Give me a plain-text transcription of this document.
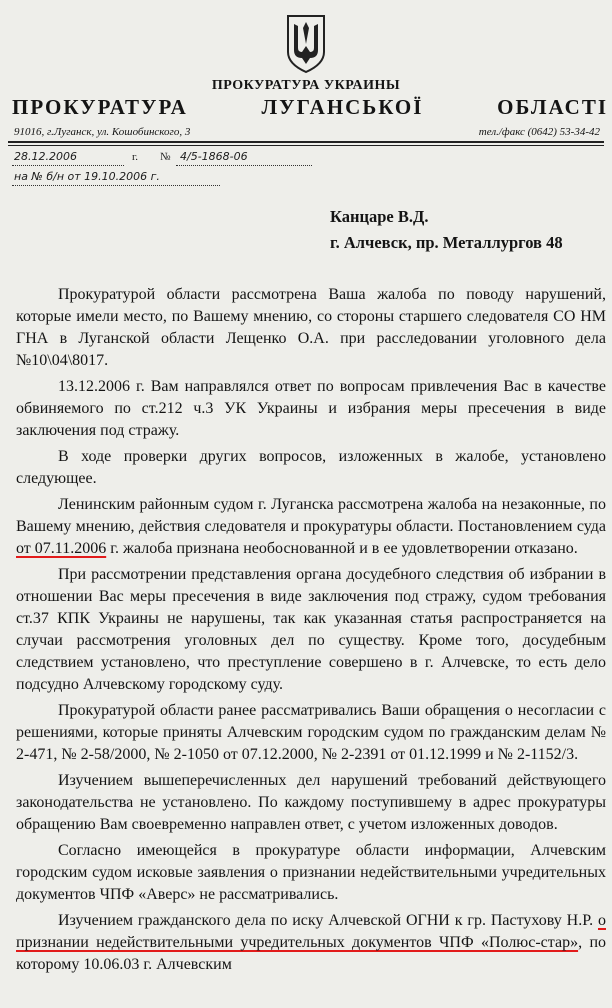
ПРОКУРАТУРА УКРАИНЫ
ПРОКУРАТУРА ЛУГАНСЬКОЇ ОБЛАСТІ
91016, г.Луганск, ул. Кошобинского, 3	тел./факс (0642) 53-34-42
28.12.2006	г. № 4/5-1868-06
на № б/н от 19.10.2006 г.
Канцаре В.Д.
г. Алчевск, пр. Металлургов 48

Прокуратурой области рассмотрена Ваша жалоба по поводу нарушений, которые имели место, по Вашему мнению, со стороны старшего следователя СО НМ ГНА в Луганской области Лещенко О.А. при расследовании уголовного дела №10\04\8017.

13.12.2006 г. Вам направлялся ответ по вопросам привлечения Вас в качестве обвиняемого по ст.212 ч.3 УК Украины и избрания меры пресечения в виде заключения под стражу.

В ходе проверки других вопросов, изложенных в жалобе, установлено следующее.

Ленинским районным судом г. Луганска рассмотрена жалоба на незаконные, по Вашему мнению, действия следователя и прокуратуры области. Постановлением суда от 07.11.2006 г. жалоба признана необоснованной и в ее удовлетворении отказано.

При рассмотрении представления органа досудебного следствия об избрании в отношении Вас меры пресечения в виде заключения под стражу, судом требования ст.37 КПК Украины не нарушены, так как указанная статья распространяется на случаи рассмотрения уголовных дел по существу. Кроме того, досудебным следствием установлено, что преступление совершено в г. Алчевске, то есть дело подсудно Алчевскому городскому суду.

Прокуратурой области ранее рассматривались Ваши обращения о несогласии с решениями, которые приняты Алчевским городским судом по гражданским делам № 2-471, № 2-58/2000, № 2-1050 от 07.12.2000, № 2-2391 от 01.12.1999 и № 2-1152/3.

Изучением вышеперечисленных дел нарушений требований действующего законодательства не установлено. По каждому поступившему в адрес прокуратуры обращению Вам своевременно направлен ответ, с учетом изложенных доводов.

Согласно имеющейся в прокуратуре области информации, Алчевским городским судом исковые заявления о признании недействительными учредительных документов ЧПФ «Аверс» не рассматривались.

Изучением гражданского дела по иску Алчевской ОГНИ к гр. Пастухову Н.Р. о признании недействительными учредительных документов ЧПФ «Полюс-стар», по которому 10.06.03 г. Алчевским
